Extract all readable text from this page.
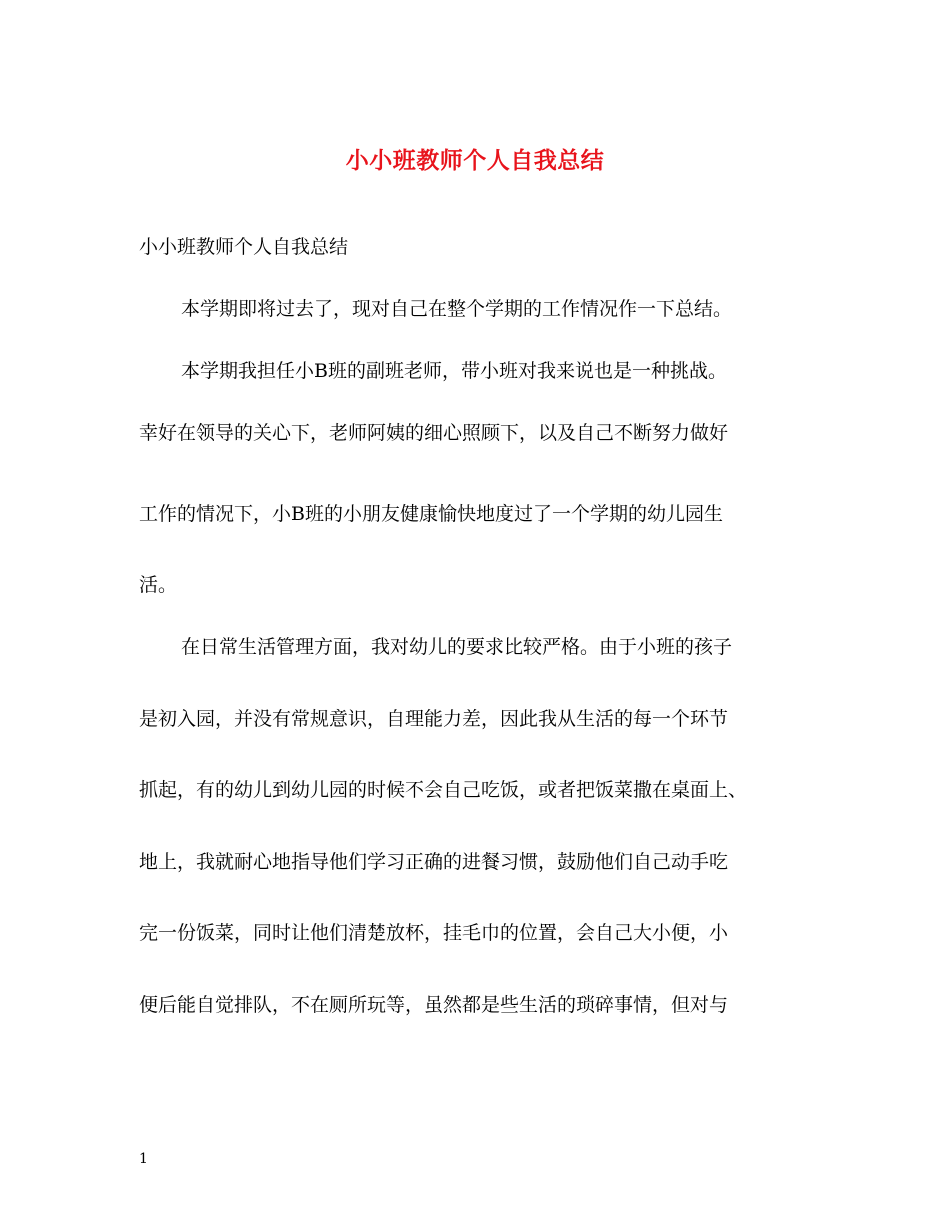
小小班教师个人自我总结

小小班教师个人自我总结

本学期即将过去了，现对自己在整个学期的工作情况作一下总结。

本学期我担任小B班的副班老师，带小班对我来说也是一种挑战。

幸好在领导的关心下，老师阿姨的细心照顾下，以及自己不断努力做好

工作的情况下，小B班的小朋友健康愉快地度过了一个学期的幼儿园生

活。

在日常生活管理方面，我对幼儿的要求比较严格。由于小班的孩子

是初入园，并没有常规意识，自理能力差，因此我从生活的每一个环节

抓起，有的幼儿到幼儿园的时候不会自己吃饭，或者把饭菜撒在桌面上、

地上，我就耐心地指导他们学习正确的进餐习惯，鼓励他们自己动手吃

完一份饭菜，同时让他们清楚放杯，挂毛巾的位置，会自己大小便，小

便后能自觉排队，不在厕所玩等，虽然都是些生活的琐碎事情，但对与

1
